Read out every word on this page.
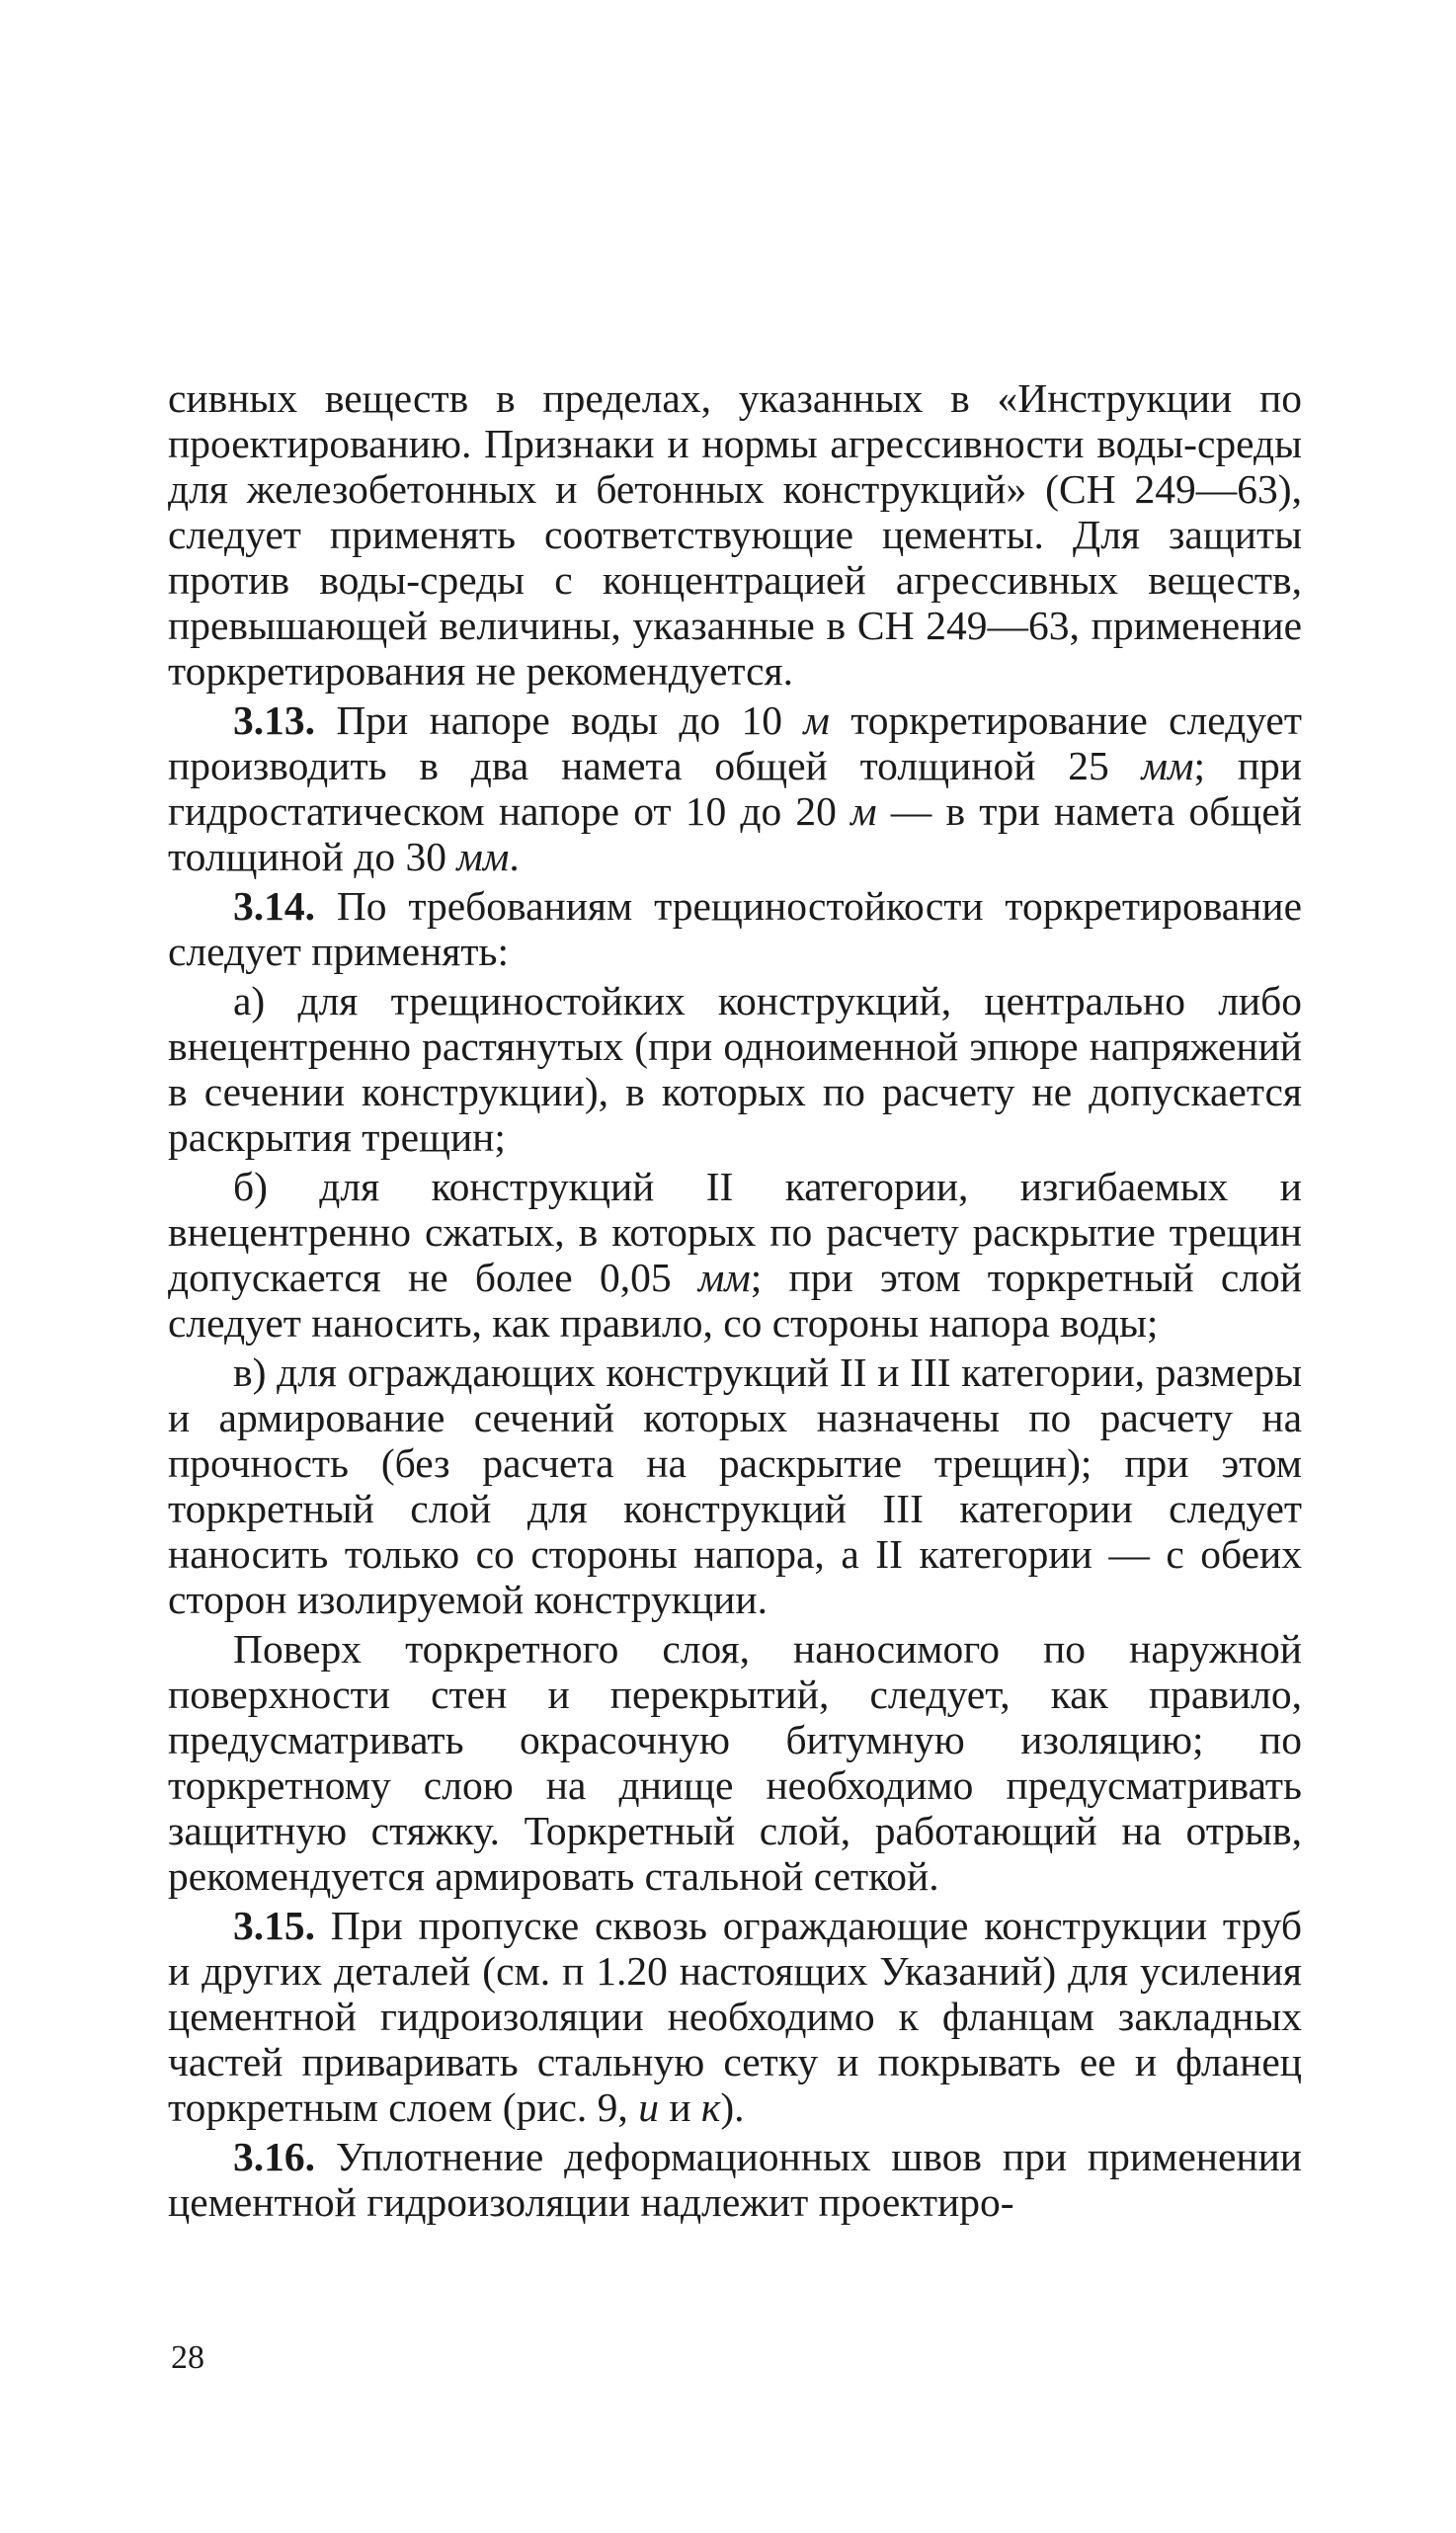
сивных веществ в пределах, указанных в «Инструкции по проектированию. Признаки и нормы агрессивности воды-среды для железобетонных и бетонных конструкций» (СН 249—63), следует применять соответствующие цементы. Для защиты против воды-среды с концентрацией агрессивных веществ, превышающей величины, указанные в СН 249—63, применение торкретирования не рекомендуется.

3.13. При напоре воды до 10 м торкретирование следует производить в два намета общей толщиной 25 мм; при гидростатическом напоре от 10 до 20 м — в три намета общей толщиной до 30 мм.

3.14. По требованиям трещиностойкости торкретирование следует применять:

а) для трещиностойких конструкций, центрально либо внецентренно растянутых (при одноименной эпюре напряжений в сечении конструкции), в которых по расчету не допускается раскрытия трещин;

б) для конструкций II категории, изгибаемых и внецентренно сжатых, в которых по расчету раскрытие трещин допускается не более 0,05 мм; при этом торкретный слой следует наносить, как правило, со стороны напора воды;

в) для ограждающих конструкций II и III категории, размеры и армирование сечений которых назначены по расчету на прочность (без расчета на раскрытие трещин); при этом торкретный слой для конструкций III категории следует наносить только со стороны напора, а II категории — с обеих сторон изолируемой конструкции.

Поверх торкретного слоя, наносимого по наружной поверхности стен и перекрытий, следует, как правило, предусматривать окрасочную битумную изоляцию; по торкретному слою на днище необходимо предусматривать защитную стяжку. Торкретный слой, работающий на отрыв, рекомендуется армировать стальной сеткой.

3.15. При пропуске сквозь ограждающие конструкции труб и других деталей (см. п 1.20 настоящих Указаний) для усиления цементной гидроизоляции необходимо к фланцам закладных частей приваривать стальную сетку и покрывать ее и фланец торкретным слоем (рис. 9, и и к).

3.16. Уплотнение деформационных швов при применении цементной гидроизоляции надлежит проектиро-

28
